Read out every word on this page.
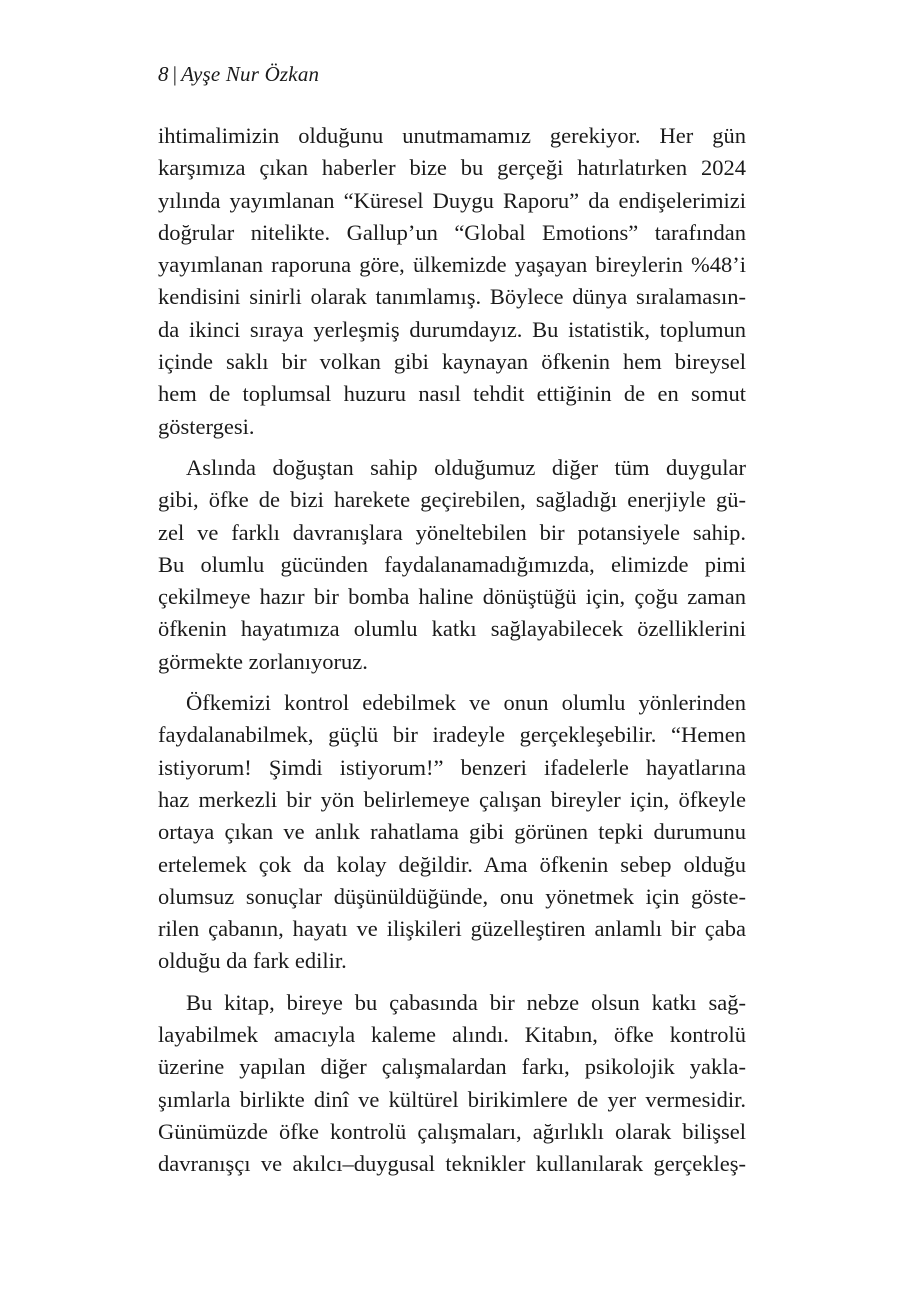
8 | Ayşe Nur Özkan
ihtimalimizin olduğunu unutmamamız gerekiyor. Her gün
karşımıza çıkan haberler bize bu gerçeği hatırlatırken 2024
yılında yayımlanan “Küresel Duygu Raporu” da endişelerimizi
doğrular nitelikte. Gallup’un “Global Emotions” tarafından
yayımlanan raporuna göre, ülkemizde yaşayan bireylerin %48’i
kendisini sinirli olarak tanımlamış. Böylece dünya sıralamasın-
da ikinci sıraya yerleşmiş durumdayız. Bu istatistik, toplumun
içinde saklı bir volkan gibi kaynayan öfkenin hem bireysel
hem de toplumsal huzuru nasıl tehdit ettiğinin de en somut
göstergesi.
Aslında doğuştan sahip olduğumuz diğer tüm duygular
gibi, öfke de bizi harekete geçirebilen, sağladığı enerjiyle gü-
zel ve farklı davranışlara yöneltebilen bir potansiyele sahip.
Bu olumlu gücünden faydalanamadığımızda, elimizde pimi
çekilmeye hazır bir bomba haline dönüştüğü için, çoğu zaman
öfkenin hayatımıza olumlu katkı sağlayabilecek özelliklerini
görmekte zorlanıyoruz.
Öfkemizi kontrol edebilmek ve onun olumlu yönlerinden
faydalanabilmek, güçlü bir iradeyle gerçekleşebilir. “Hemen
istiyorum! Şimdi istiyorum!” benzeri ifadelerle hayatlarına
haz merkezli bir yön belirlemeye çalışan bireyler için, öfkeyle
ortaya çıkan ve anlık rahatlama gibi görünen tepki durumunu
ertelemek çok da kolay değildir. Ama öfkenin sebep olduğu
olumsuz sonuçlar düşünüldüğünde, onu yönetmek için göste-
rilen çabanın, hayatı ve ilişkileri güzelleştiren anlamlı bir çaba
olduğu da fark edilir.
Bu kitap, bireye bu çabasında bir nebze olsun katkı sağ-
layabilmek amacıyla kaleme alındı. Kitabın, öfke kontrolü
üzerine yapılan diğer çalışmalardan farkı, psikolojik yakla-
şımlarla birlikte dinî ve kültürel birikimlere de yer vermesidir.
Günümüzde öfke kontrolü çalışmaları, ağırlıklı olarak bilişsel
davranışçı ve akılcı–duygusal teknikler kullanılarak gerçekleş-
